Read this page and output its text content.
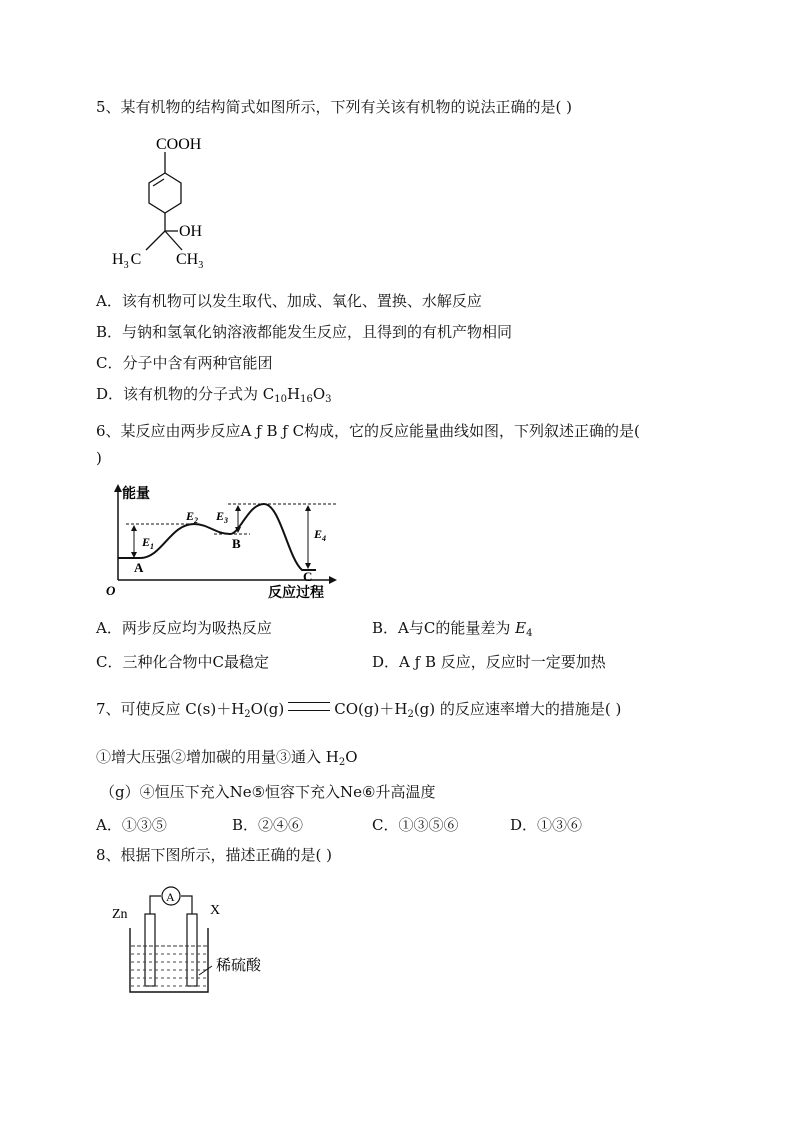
5、某有机物的结构简式如图所示，下列有关该有机物的说法正确的是( )
COOH
OH
$H_3$ C $CH_3$
A．该有机物可以发生取代、加成、氧化、置换、水解反应
B．与钠和氢氧化钠溶液都能发生反应，且得到的有机产物相同
C．分子中含有两种官能团
D．该有机物的分子式为 $C_{10}H_{16}O_3$
6、某反应由两步反应A ƒ B ƒ C构成，它的反应能量曲线如图，下列叙述正确的是(
)
能量
反应过程
O
$E_1$
$E_2$ $E_3$
$E_4$
A
B
C
A．两步反应均为吸热反应	B．A与C的能量差为 $E_4$
C．三种化合物中C最稳定	D．A ƒ B 反应，反应时一定要加热
7、可使反应 $C(s)+H_2O(g)$	$CO(g)+H_2(g)$ 的反应速率增大的措施是( )
①增大压强②增加碳的用量③通入 $H_2O$
（g）④恒压下充入Ne⑤恒容下充入Ne⑥升高温度
A．①③⑤	B．②④⑥	C．①③⑤⑥	D．①③⑥
8、根据下图所示，描述正确的是( )
Zn	X
A
稀硫酸
